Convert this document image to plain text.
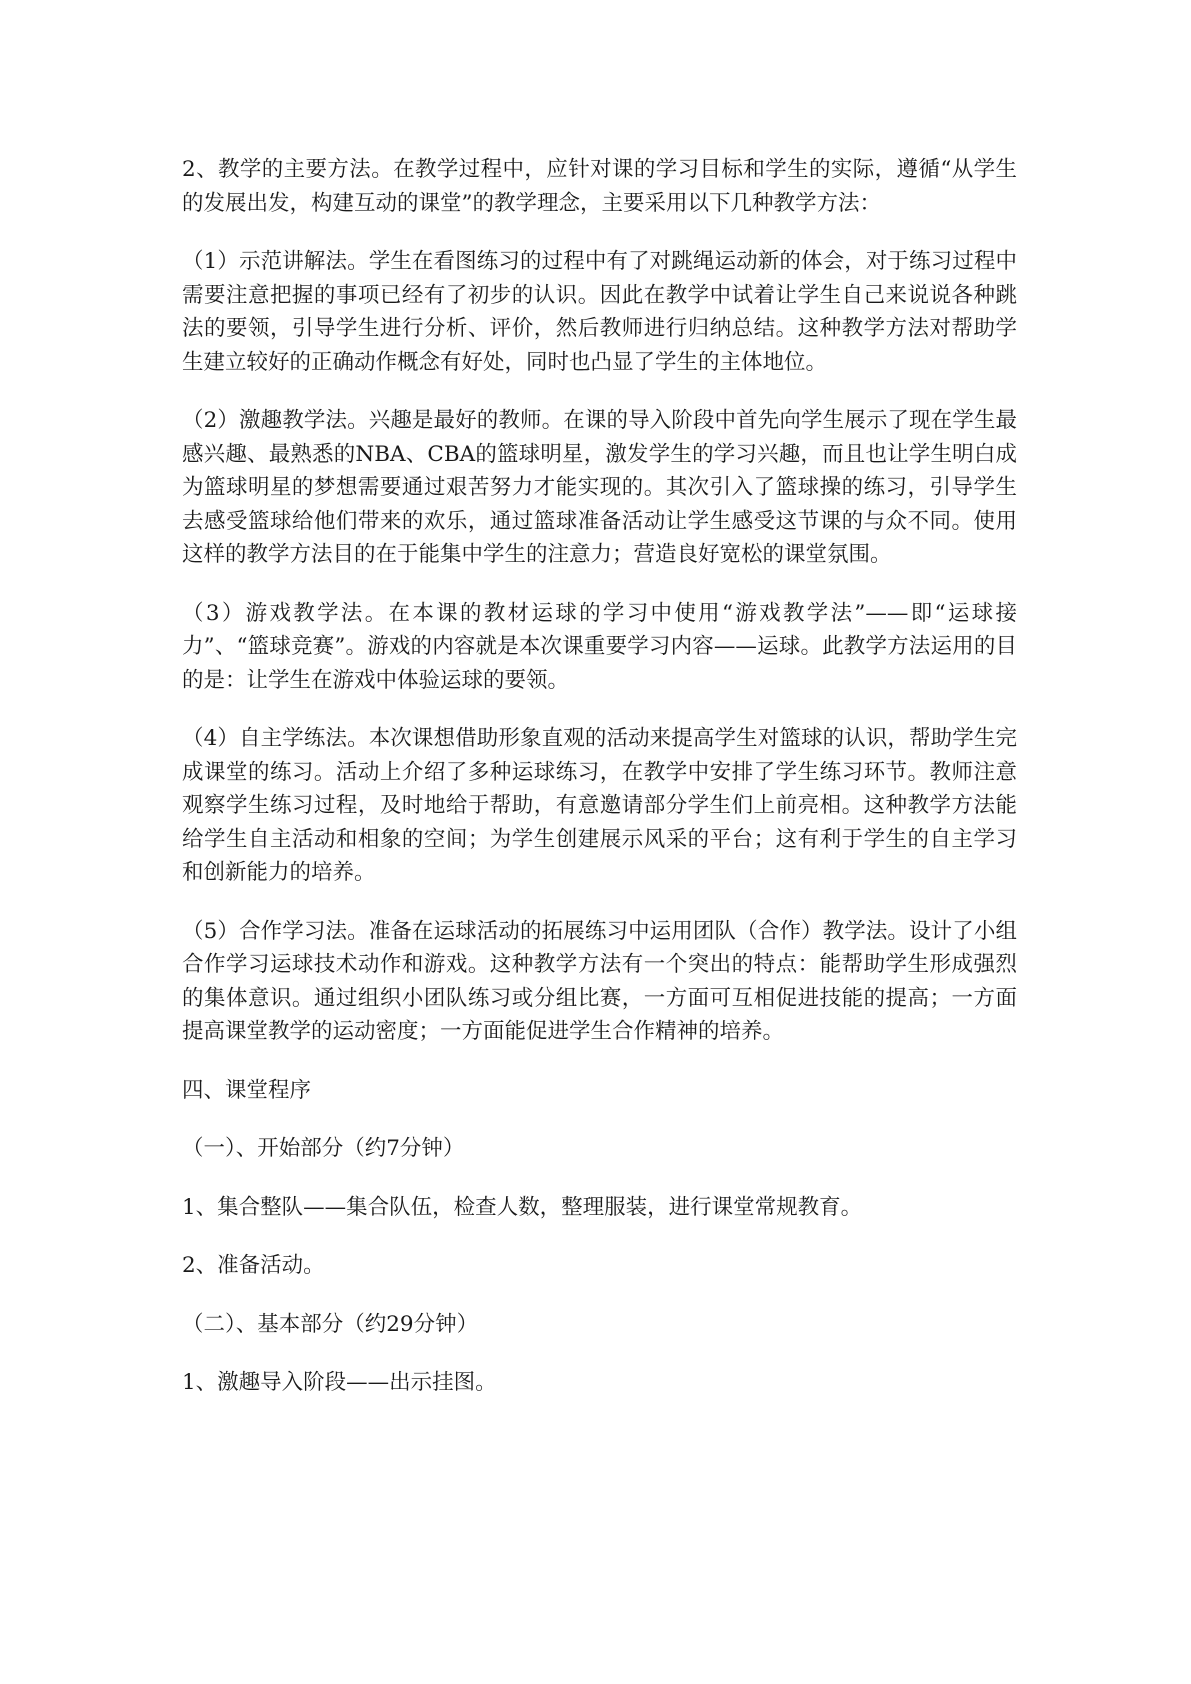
2、教学的主要方法。在教学过程中，应针对课的学习目标和学生的实际，遵循“从学生的发展出发，构建互动的课堂”的教学理念，主要采用以下几种教学方法：

（1）示范讲解法。学生在看图练习的过程中有了对跳绳运动新的体会，对于练习过程中需要注意把握的事项已经有了初步的认识。因此在教学中试着让学生自己来说说各种跳法的要领，引导学生进行分析、评价，然后教师进行归纳总结。这种教学方法对帮助学生建立较好的正确动作概念有好处，同时也凸显了学生的主体地位。

（2）激趣教学法。兴趣是最好的教师。在课的导入阶段中首先向学生展示了现在学生最感兴趣、最熟悉的NBA、CBA的篮球明星，激发学生的学习兴趣，而且也让学生明白成为篮球明星的梦想需要通过艰苦努力才能实现的。其次引入了篮球操的练习，引导学生去感受篮球给他们带来的欢乐，通过篮球准备活动让学生感受这节课的与众不同。使用这样的教学方法目的在于能集中学生的注意力；营造良好宽松的课堂氛围。

（3）游戏教学法。在本课的教材运球的学习中使用“游戏教学法”——即“运球接力”、“篮球竞赛”。游戏的内容就是本次课重要学习内容——运球。此教学方法运用的目的是：让学生在游戏中体验运球的要领。

（4）自主学练法。本次课想借助形象直观的活动来提高学生对篮球的认识，帮助学生完成课堂的练习。活动上介绍了多种运球练习，在教学中安排了学生练习环节。教师注意观察学生练习过程，及时地给于帮助，有意邀请部分学生们上前亮相。这种教学方法能给学生自主活动和相象的空间；为学生创建展示风采的平台；这有利于学生的自主学习和创新能力的培养。

（5）合作学习法。准备在运球活动的拓展练习中运用团队（合作）教学法。设计了小组合作学习运球技术动作和游戏。这种教学方法有一个突出的特点：能帮助学生形成强烈的集体意识。通过组织小团队练习或分组比赛，一方面可互相促进技能的提高；一方面提高课堂教学的运动密度；一方面能促进学生合作精神的培养。

四、课堂程序

（一）、开始部分（约7分钟）

1、集合整队——集合队伍，检查人数，整理服装，进行课堂常规教育。

2、准备活动。

（二）、基本部分（约29分钟）

1、激趣导入阶段——出示挂图。
